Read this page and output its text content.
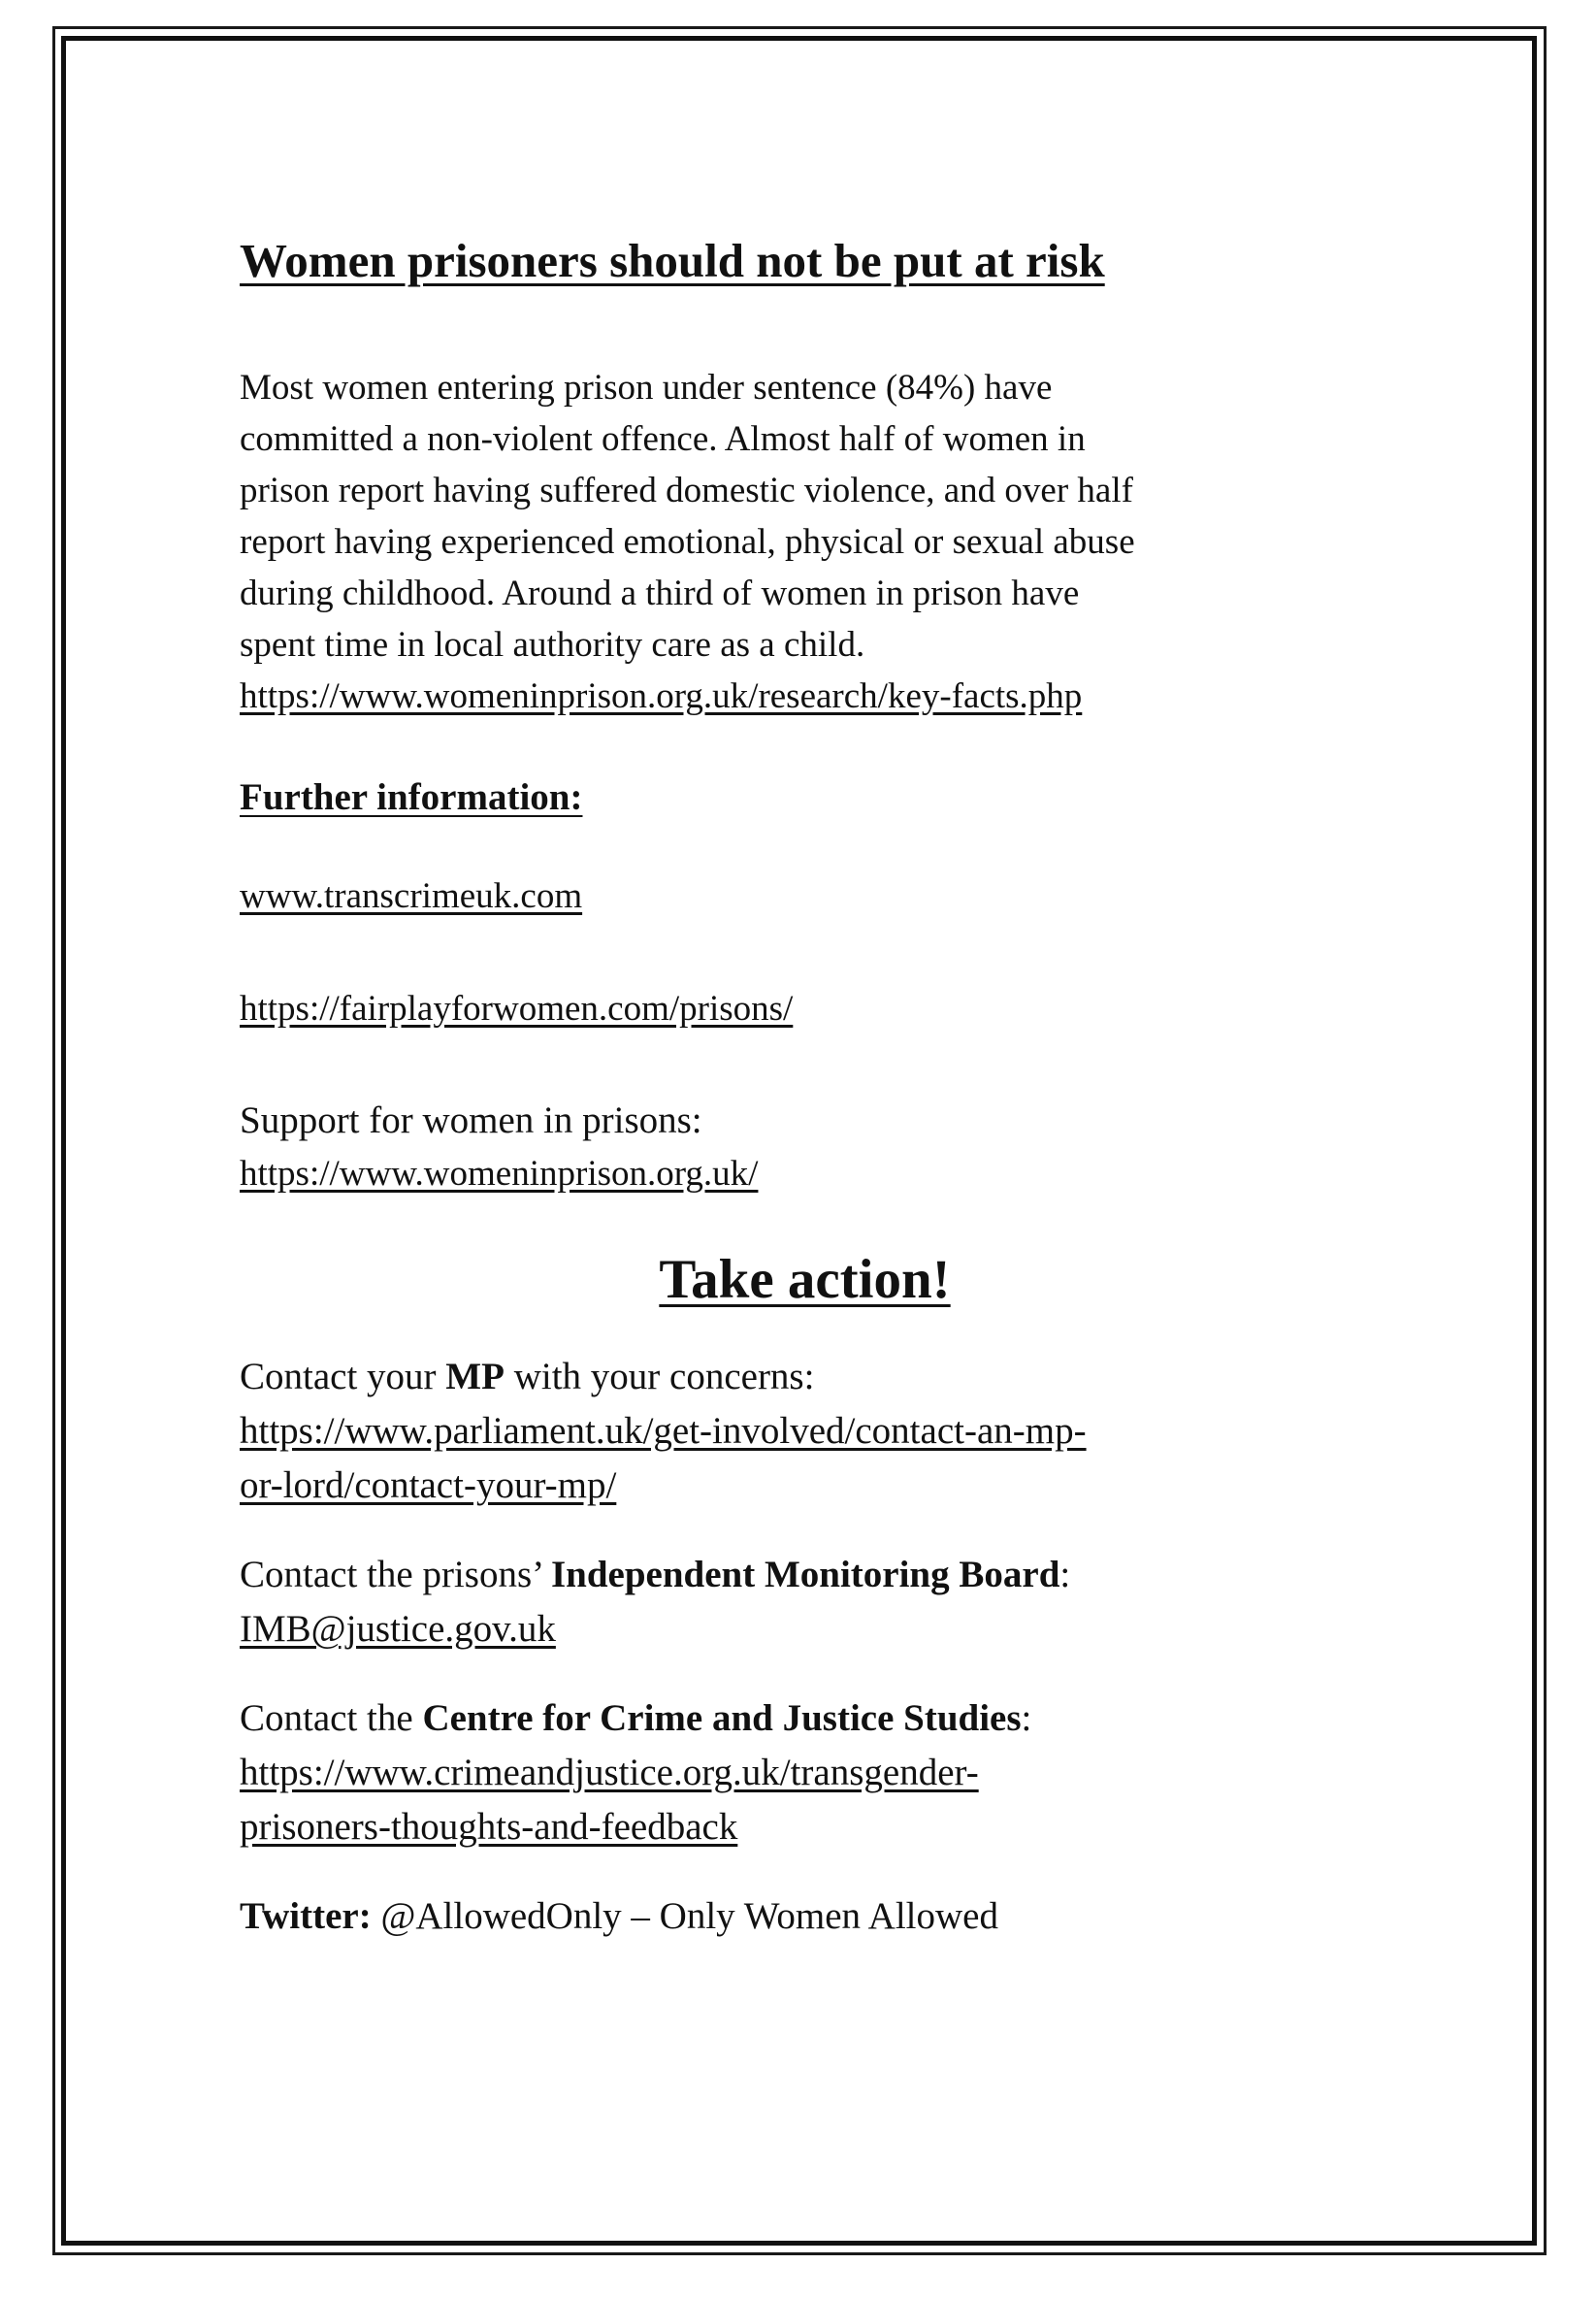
Women prisoners should not be put at risk

Most women entering prison under sentence (84%) have

committed a non-violent offence. Almost half of women in

prison report having suffered domestic violence, and over half

report having experienced emotional, physical or sexual abuse

during childhood. Around a third of women in prison have

spent time in local authority care as a child.

https://www.womeninprison.org.uk/research/key-facts.php
Further information:
www.transcrimeuk.com
https://fairplayforwomen.com/prisons/
Support for women in prisons:
https://www.womeninprison.org.uk/
Take action!
Contact your MP with your concerns:
https://www.parliament.uk/get-involved/contact-an-mp-
or-lord/contact-your-mp/
Contact the prisons’ Independent Monitoring Board:
IMB@justice.gov.uk
Contact the Centre for Crime and Justice Studies:
https://www.crimeandjustice.org.uk/transgender-
prisoners-thoughts-and-feedback
Twitter: @AllowedOnly – Only Women Allowed
